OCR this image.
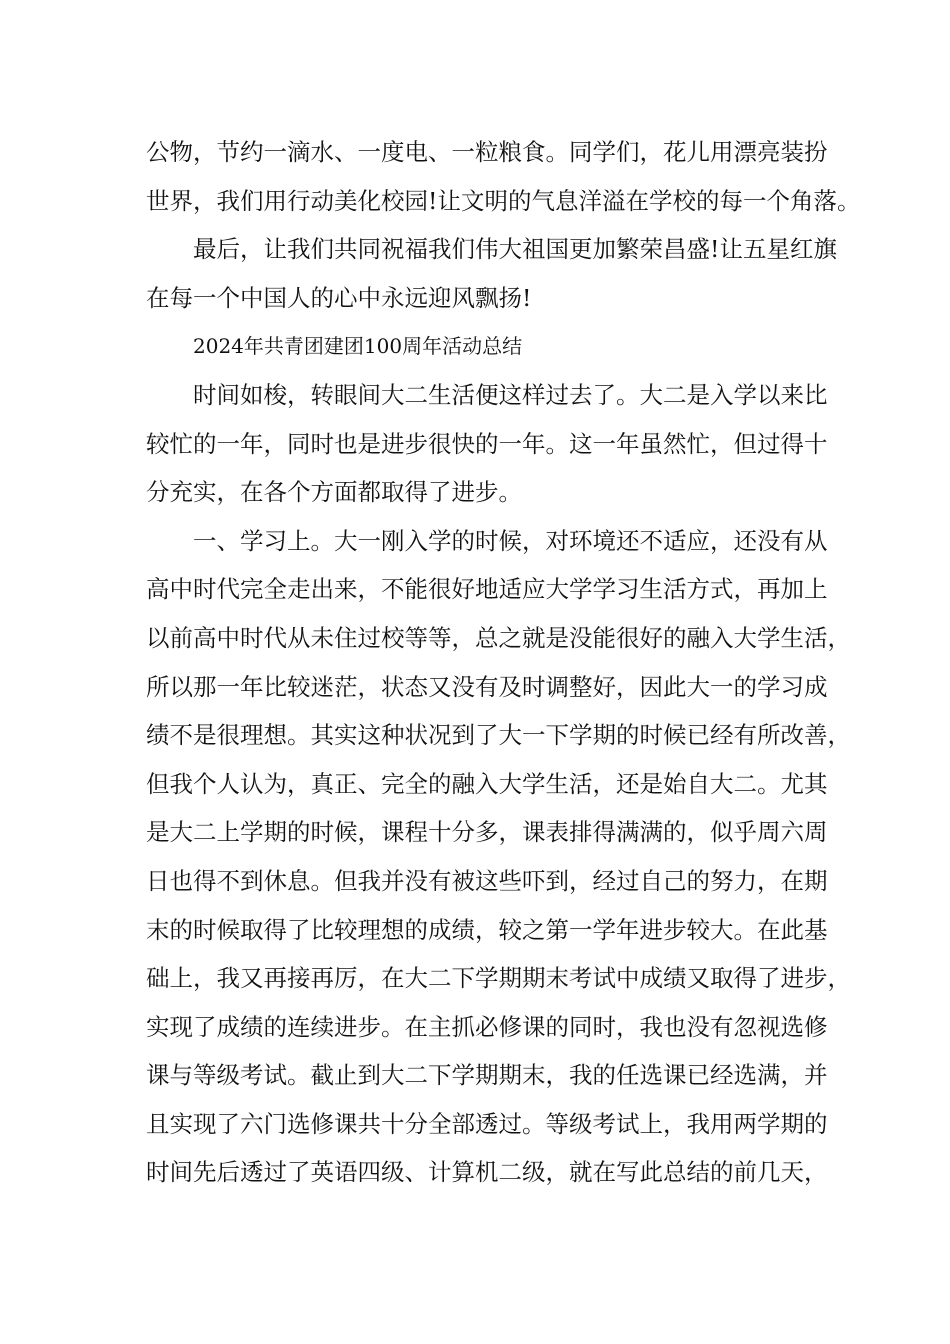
公物，节约一滴水、一度电、一粒粮食。同学们，花儿用漂亮装扮
世界，我们用行动美化校园!让文明的气息洋溢在学校的每一个角落。

最后，让我们共同祝福我们伟大祖国更加繁荣昌盛!让五星红旗
在每一个中国人的心中永远迎风飘扬!

2024年共青团建团100周年活动总结

时间如梭，转眼间大二生活便这样过去了。大二是入学以来比
较忙的一年，同时也是进步很快的一年。这一年虽然忙，但过得十
分充实，在各个方面都取得了进步。

一、学习上。大一刚入学的时候，对环境还不适应，还没有从
高中时代完全走出来，不能很好地适应大学学习生活方式，再加上
以前高中时代从未住过校等等，总之就是没能很好的融入大学生活，
所以那一年比较迷茫，状态又没有及时调整好，因此大一的学习成
绩不是很理想。其实这种状况到了大一下学期的时候已经有所改善，
但我个人认为，真正、完全的融入大学生活，还是始自大二。尤其
是大二上学期的时候，课程十分多，课表排得满满的，似乎周六周
日也得不到休息。但我并没有被这些吓到，经过自己的努力，在期
末的时候取得了比较理想的成绩，较之第一学年进步较大。在此基
础上，我又再接再厉，在大二下学期期末考试中成绩又取得了进步，
实现了成绩的连续进步。在主抓必修课的同时，我也没有忽视选修
课与等级考试。截止到大二下学期期末，我的任选课已经选满，并
且实现了六门选修课共十分全部透过。等级考试上，我用两学期的
时间先后透过了英语四级、计算机二级，就在写此总结的前几天，
